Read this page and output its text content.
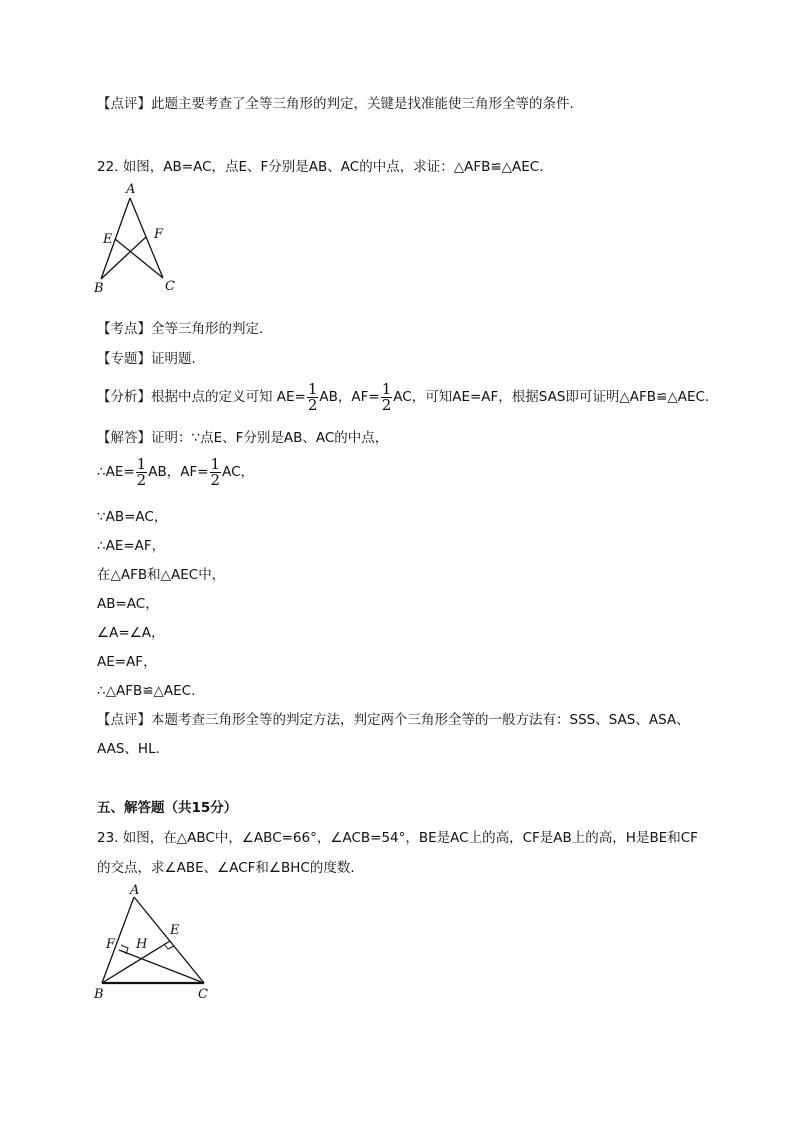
【点评】此题主要考查了全等三角形的判定，关键是找准能使三角形全等的条件.
22. 如图，AB=AC，点E、F分别是AB、AC的中点，求证：△AFB≌△AEC.
A
E	F
B	C
【考点】全等三角形的判定.
【专题】证明题.
【分析】根据中点的定义可知 $AE= \frac{1}{2}$ AB，$AF= \frac{1}{2}$ AC，可知AE=AF，根据SAS即可证明△AFB≌△AEC.
【解答】证明：∵点E、F分别是AB、AC的中点，
∴AE= $\frac{1}{2}$ AB，$AF= \frac{1}{2}$ AC，
∵AB=AC，
∴AE=AF，
在△AFB和△AEC中，
AB=AC，
∠A=∠A，
AE=AF，
∴△AFB≌△AEC.
【点评】本题考查三角形全等的判定方法，判定两个三角形全等的一般方法有：SSS、SAS、ASA、
AAS、HL.
五、解答题（共15分）
23. 如图，在△ABC中，∠ABC=66°，∠ACB=54°，BE是AC上的高，CF是AB上的高，H是BE和CF
的交点，求∠ABE、∠ACF和∠BHC的度数.
A
E
F H
B	C
